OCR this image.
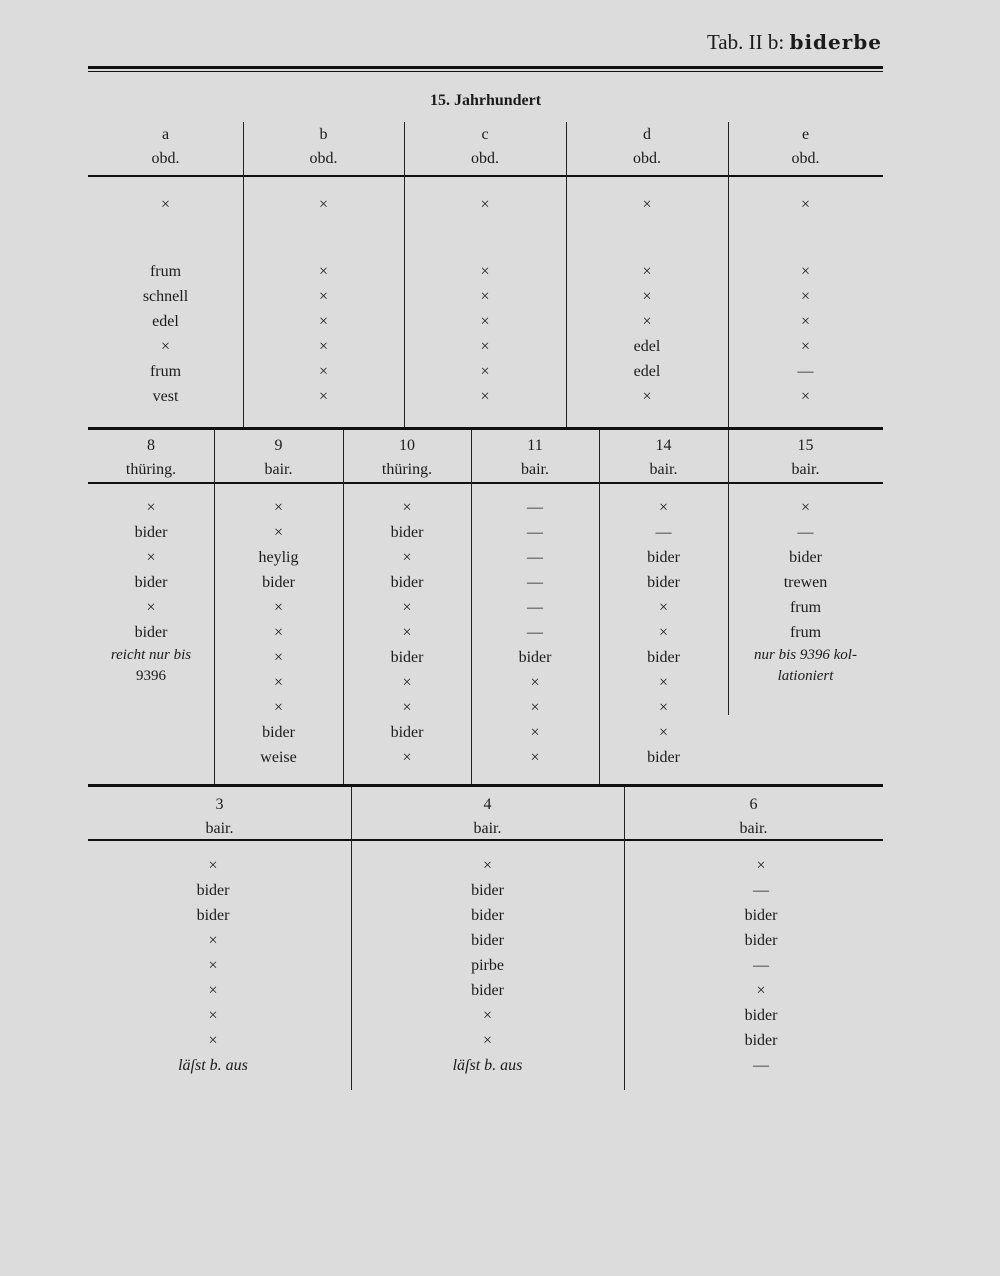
Tab. II b: biderbe
15. Jahrhundert
a
obd.
×
frum
schnell
edel
×
frum
vest
b
obd.
×
×
×
×
×
×
×
c
obd.
×
×
×
×
×
×
×
d
obd.
×
×
×
×
edel
edel
×
e
obd.
×
×
×
×
×
—
×
8
thüring.
×
bider
×
bider
×
bider
reicht nur bis
9396
9
bair.
×
×
heylig
bider
×
×
×
×
×
bider
weise
10
thüring.
×
bider
×
bider
×
×
bider
×
×
bider
×
11
bair.
—
—
—
—
—
—
bider
×
×
×
×
14
bair.
×
—
bider
bider
×
×
bider
×
×
×
bider
15
bair.
×
—
bider
trewen
frum
frum
nur bis 9396 kol-
lationiert
3
bair.
×
bider
bider
×
×
×
×
×
läſst b. aus
4
bair.
×
bider
bider
bider
pirbe
bider
×
×
läſst b. aus
6
bair.
×
—
bider
bider
—
×
bider
bider
—
